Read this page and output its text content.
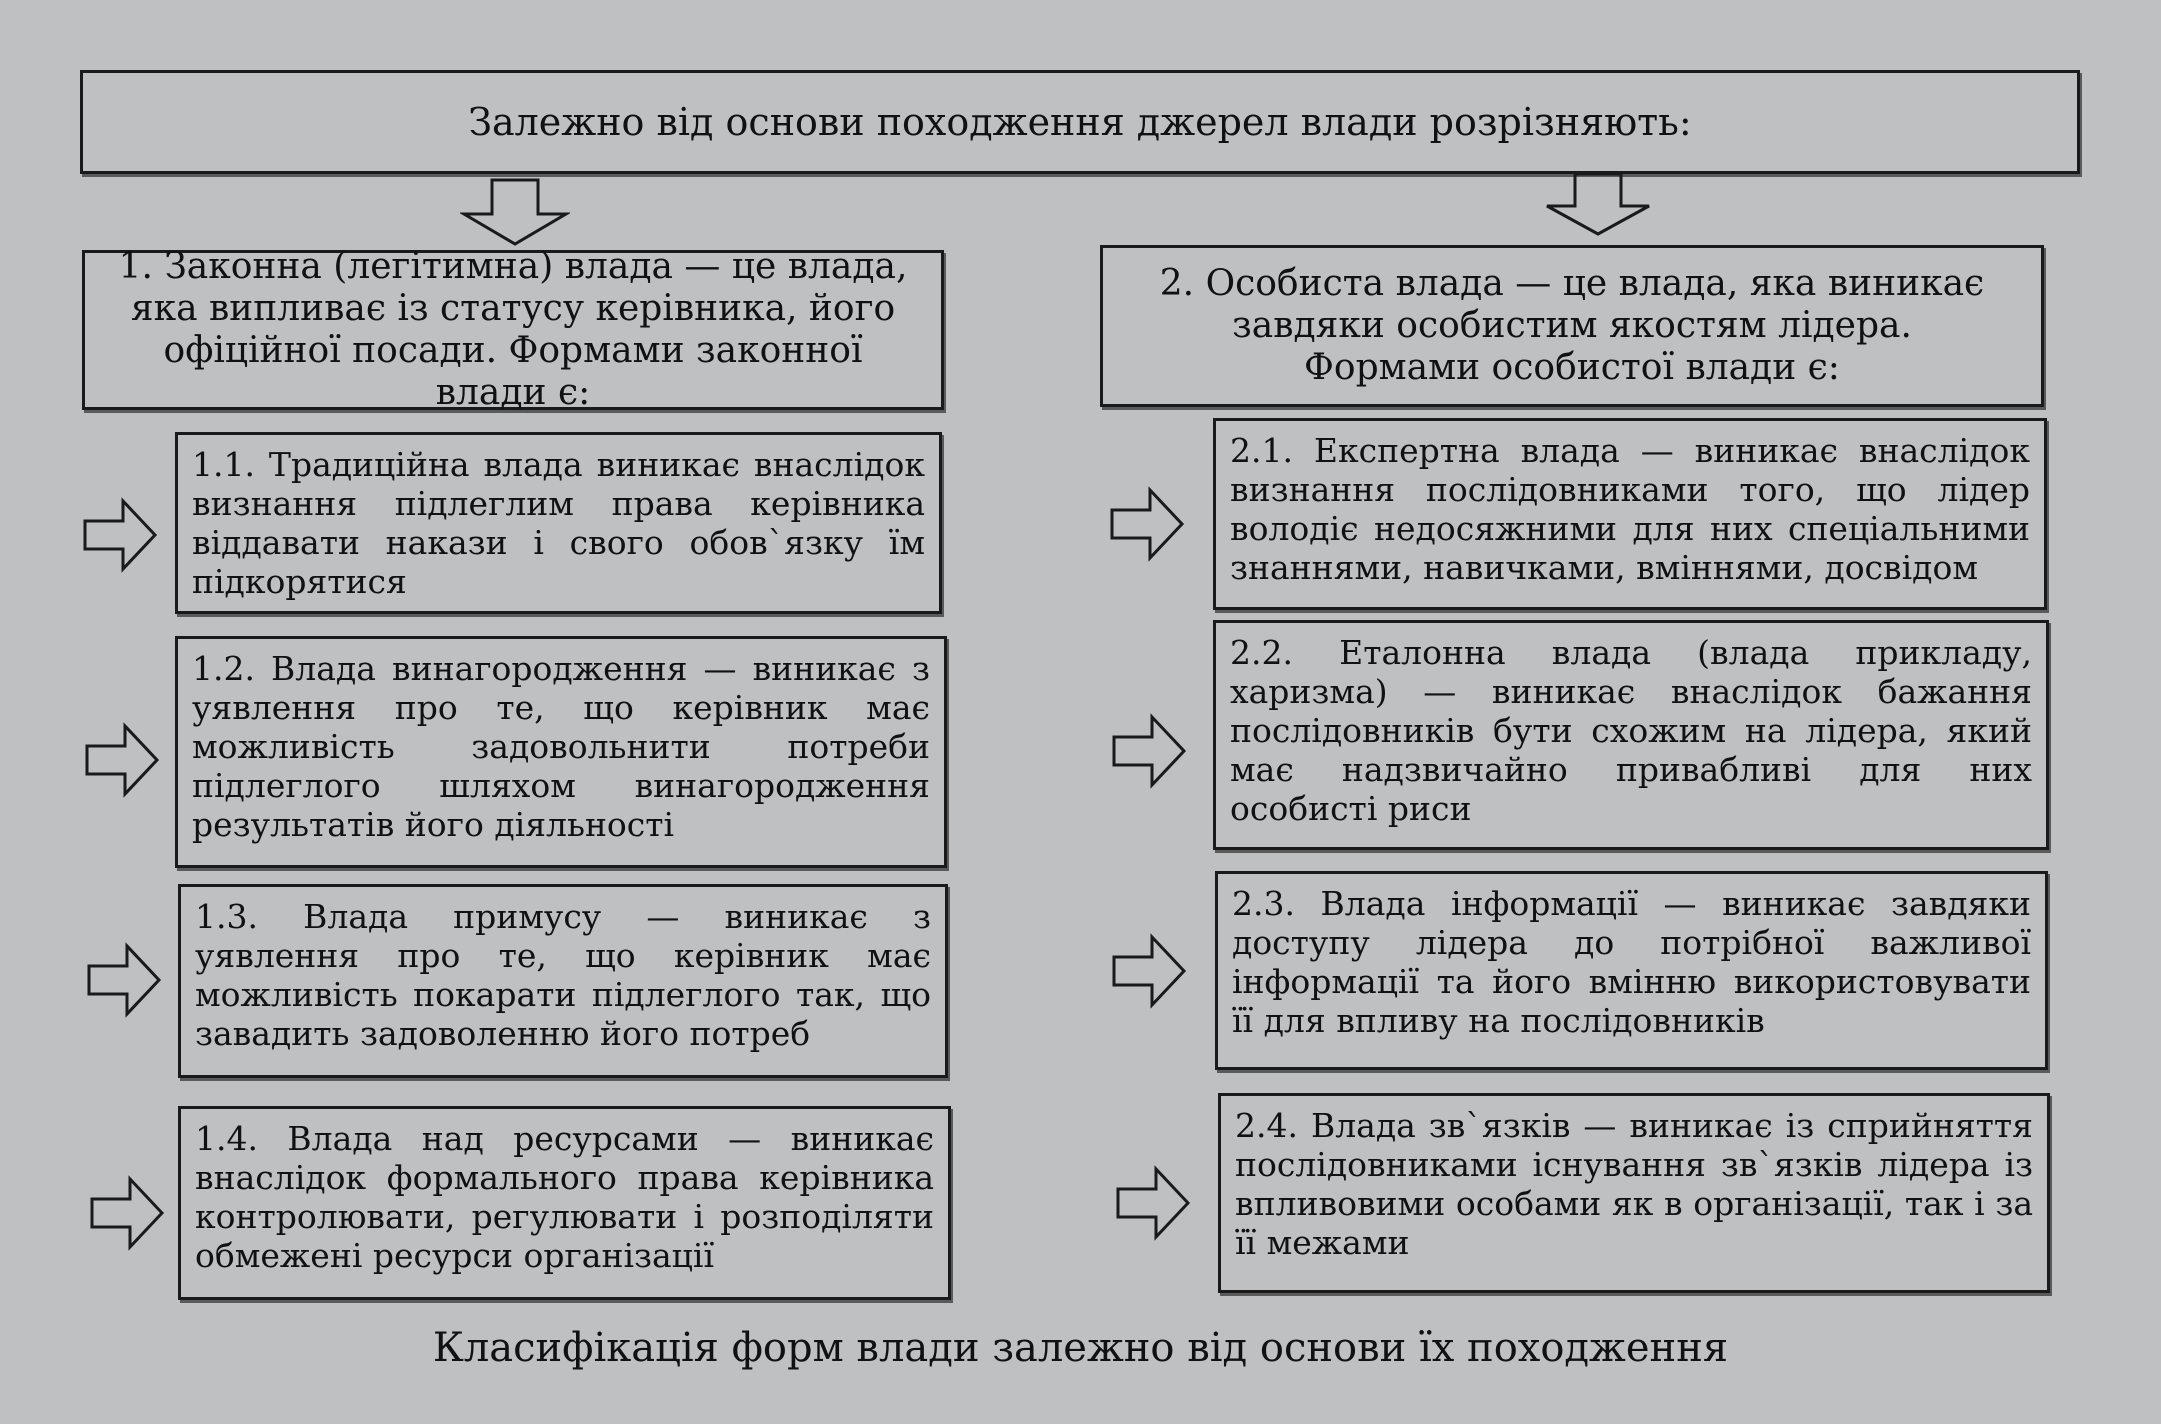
Залежно від основи походження джерел влади розрізняють:
1. Законна (легітимна) влада — це влада, яка випливає із статусу керівника, його офіційної посади. Формами законної влади є:
2. Особиста влада — це влада, яка виникає завдяки особистим якостям лідера.
Формами особистої влади є:
1.1. Традиційна влада виникає внаслідок визнання підлеглим права керівника віддавати накази і свого обов`язку їм підкорятися
1.2. Влада винагородження — виникає з уявлення про те, що керівник має можливість задовольнити потреби підлеглого шляхом винагородження результатів його діяльності
1.3. Влада примусу — виникає з уявлення про те, що керівник має можливість покарати підлеглого так, що завадить задоволенню його потреб
1.4. Влада над ресурсами — виникає внаслідок формального права керівника контролювати, регулювати і розподіляти обмежені ресурси організації
2.1. Експертна влада — виникає внаслідок визнання послідовниками того, що лідер володіє недосяжними для них спеціальними знаннями, навичками, вміннями, досвідом
2.2. Еталонна влада (влада прикладу, харизма) — виникає внаслідок бажання послідовників бути схожим на лідера, який має надзвичайно привабливі для них особисті риси
2.3. Влада інформації — виникає завдяки доступу лідера до потрібної важливої інформації та його вмінню використовувати її для впливу на послідовників
2.4. Влада зв`язків — виникає із сприйняття послідовниками існування зв`язків лідера із впливовими особами як в організації, так і за її межами
Класифікація форм влади залежно від основи їх походження
